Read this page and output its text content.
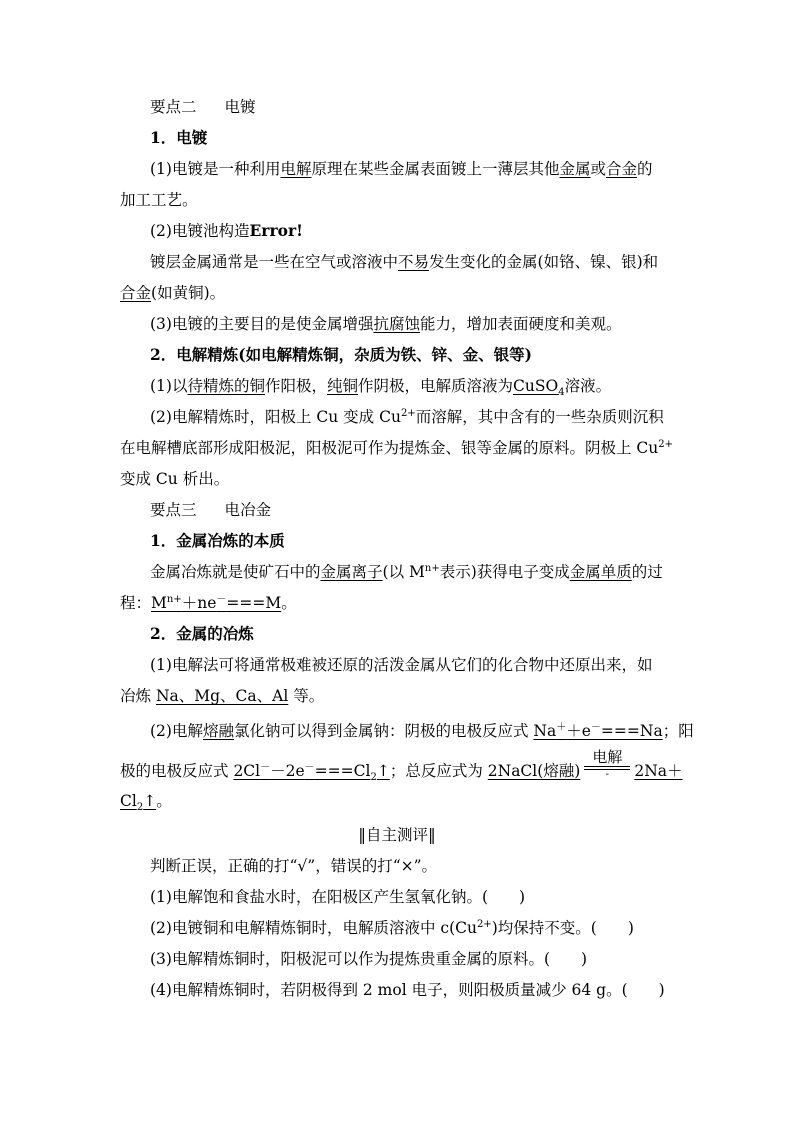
要点二 电镀
1．电镀
(1)电镀是一种利用电解原理在某些金属表面镀上一薄层其他金属或合金的
加工工艺。
(2)电镀池构造Error!
镀层金属通常是一些在空气或溶液中不易发生变化的金属(如铬、镍、银)和
合金(如黄铜)。
(3)电镀的主要目的是使金属增强抗腐蚀能力，增加表面硬度和美观。
2．电解精炼(如电解精炼铜，杂质为铁、锌、金、银等)
(1)以待精炼的铜作阳极，纯铜作阴极，电解质溶液为CuSO$_4$溶液。
(2)电解精炼时，阳极上 Cu 变成 $Cu^{2+}$而溶解，其中含有的一些杂质则沉积
在电解槽底部形成阳极泥，阳极泥可作为提炼金、银等金属的原料。阴极上 $Cu^{2+}$
变成 Cu 析出。
要点三 电冶金
1．金属冶炼的本质
金属冶炼就是使矿石中的金属离子(以 $M^{n+}$表示)获得电子变成金属单质的过
程：$M^{n+}+ne^-===M$。
2．金属的冶炼
(1)电解法可将通常极难被还原的活泼金属从它们的化合物中还原出来，如
冶炼 Na、Mg、Ca、Al 等。
(2)电解熔融氯化钠可以得到金属钠：阴极的电极反应式 Na＋＋e－===Na；阳
极的电极反应式 $2Cl^--2e^-===Cl_2↑$；总反应式为 2NaCl(熔融) $\frac{\text{电解}}{-} 2Na+$
$Cl_2↑$。
‖自主测评‖
判断正误，正确的打“√”，错误的打“×”。
(1)电解饱和食盐水时，在阳极区产生氢氧化钠。(　　)
(2)电镀铜和电解精炼铜时，电解质溶液中 $c(Cu^{2+})$均保持不变。(　　)
(3)电解精炼铜时，阳极泥可以作为提炼贵重金属的原料。(　　)
(4)电解精炼铜时，若阴极得到 2 mol 电子，则阳极质量减少 64 g。(　　)
